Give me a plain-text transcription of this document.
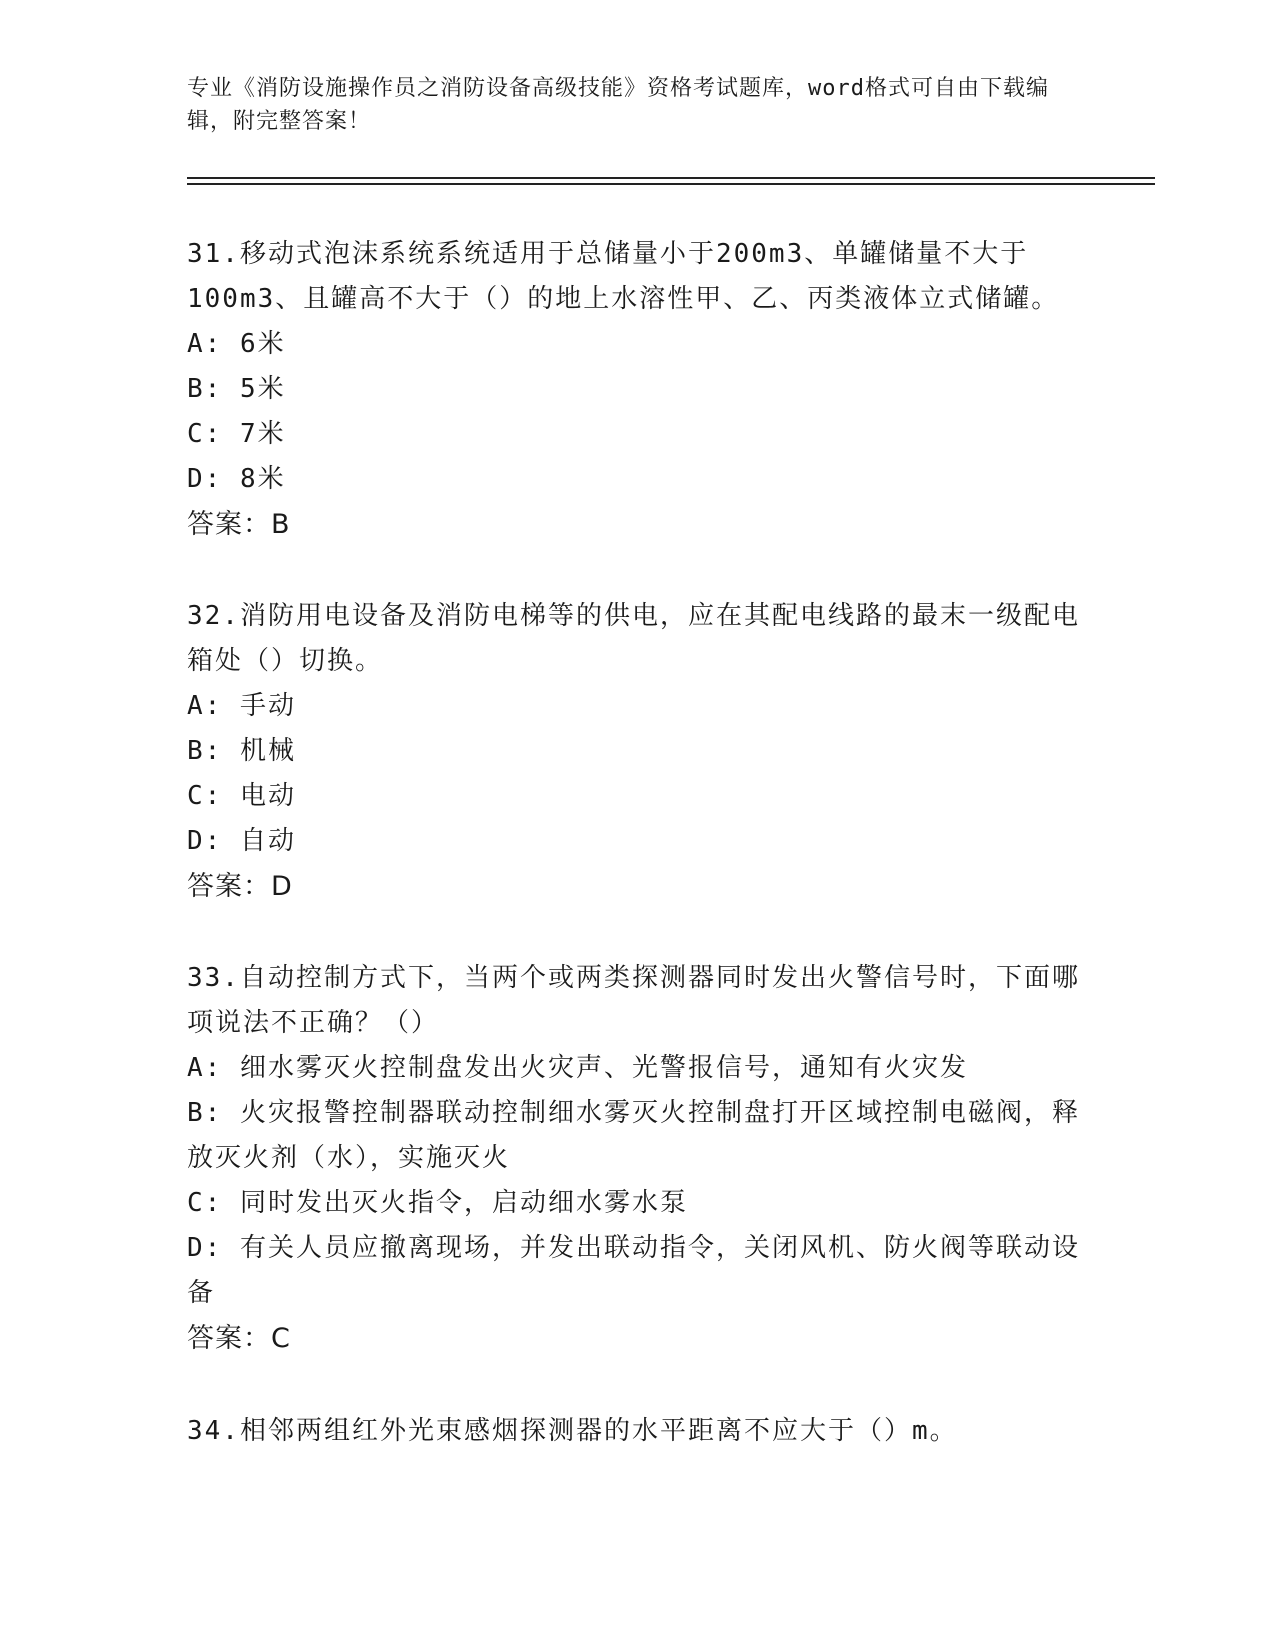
专业《消防设施操作员之消防设备高级技能》资格考试题库，word格式可自由下载编辑，附完整答案！
31.移动式泡沫系统系统适用于总储量小于200m3、单罐储量不大于100m3、且罐高不大于（）的地上水溶性甲、乙、丙类液体立式储罐。
A: 6米
B: 5米
C: 7米
D: 8米
答案：B
32.消防用电设备及消防电梯等的供电，应在其配电线路的最末一级配电箱处（）切换。
A: 手动
B: 机械
C: 电动
D: 自动
答案：D
33.自动控制方式下，当两个或两类探测器同时发出火警信号时，下面哪项说法不正确？（）
A: 细水雾灭火控制盘发出火灾声、光警报信号，通知有火灾发
B: 火灾报警控制器联动控制细水雾灭火控制盘打开区域控制电磁阀，释放灭火剂（水），实施灭火
C: 同时发出灭火指令，启动细水雾水泵
D: 有关人员应撤离现场，并发出联动指令，关闭风机、防火阀等联动设备
答案：C
34.相邻两组红外光束感烟探测器的水平距离不应大于（）m。
